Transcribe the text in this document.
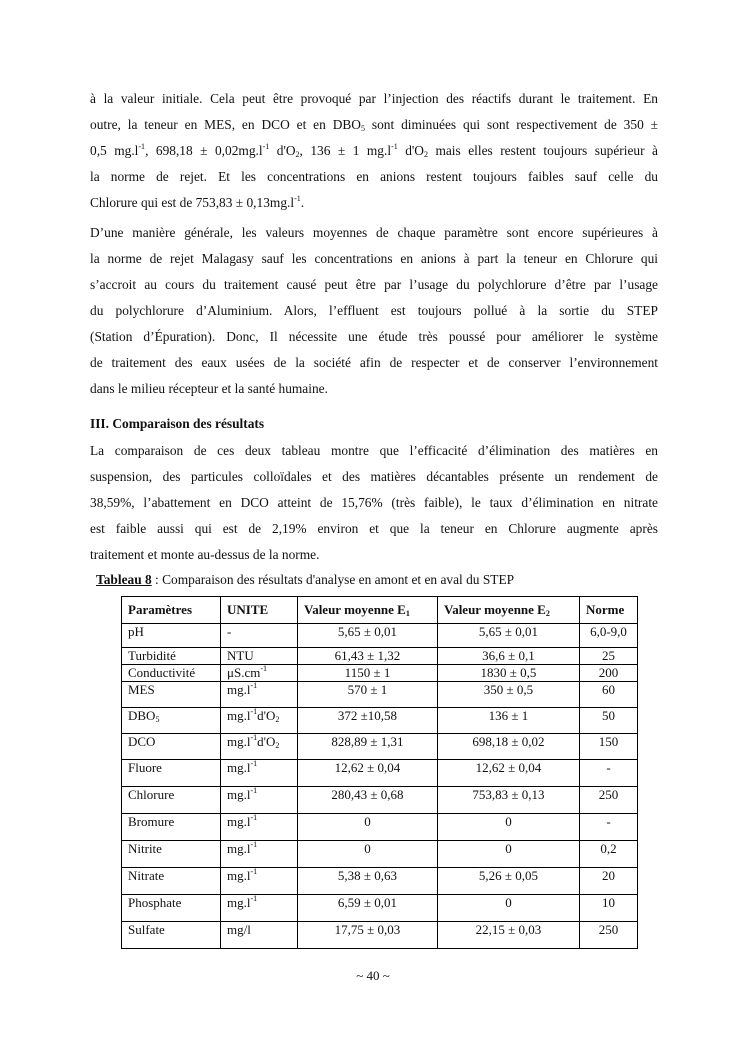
à la valeur initiale. Cela peut être provoqué par l’injection des réactifs durant le traitement. En
outre, la teneur en MES, en DCO et en $DBO_5$ sont diminuées qui sont respectivement de 350 ±
0,5 $mg.l^{-1}$, $698,18 \pm 0,02mg.l^{-1}$ $d'O_2$, 136 ± 1 $mg.l^{-1}$ $d'O_2$ mais elles restent toujours supérieur à
la norme de rejet. Et les concentrations en anions restent toujours faibles sauf celle du
Chlorure qui est de $753,83 \pm 0,13mg.l^{-1}$.
D’une manière générale, les valeurs moyennes de chaque paramètre sont encore supérieures à
la norme de rejet Malagasy sauf les concentrations en anions à part la teneur en Chlorure qui
s’accroit au cours du traitement causé peut être par l’usage du polychlorure d’être par l’usage
du polychlorure d’Aluminium. Alors, l’effluent est toujours pollué à la sortie du STEP
(Station d’Épuration). Donc, Il nécessite une étude très poussé pour améliorer le système
de traitement des eaux usées de la société afin de respecter et de conserver l’environnement
dans le milieu récepteur et la santé humaine.
III. Comparaison des résultats
La comparaison de ces deux tableau montre que l’efficacité d’élimination des matières en
suspension, des particules colloïdales et des matières décantables présente un rendement de
38,59%, l’abattement en DCO atteint de 15,76% (très faible), le taux d’élimination en nitrate
est faible aussi qui est de 2,19% environ et que la teneur en Chlorure augmente après
traitement et monte au-dessus de la norme.
Tableau 8 : Comparaison des résultats d'analyse en amont et en aval du STEP
Paramètres	UNITE	Valeur moyenne $E_1$	Valeur moyenne $E_2$	Norme
pH	-	5,65 ± 0,01	5,65 ± 0,01	6,0-9,0
Turbidité	NTU	61,43 ± 1,32	36,6 ± 0,1	25
Conductivité	$\mu S.cm^{-1}$	1150 ± 1	1830 ± 0,5	200
MES	$mg.l^{-1}$	570 ± 1	350 ± 0,5	60
$DBO_5$	$mg.l^{-1}d'O_2$	372 ±10,58	136 ± 1	50
DCO	$mg.l^{-1}d'O_2$	828,89 ± 1,31	698,18 ± 0,02	150
Fluore	$mg.l^{-1}$	12,62 ± 0,04	12,62 ± 0,04	-
Chlorure	$mg.l^{-1}$	280,43 ± 0,68	753,83 ± 0,13	250
Bromure	$mg.l^{-1}$	0	0	-
Nitrite	$mg.l^{-1}$	0	0	0,2
Nitrate	$mg.l^{-1}$	5,38 ± 0,63	5,26 ± 0,05	20
Phosphate	$mg.l^{-1}$	6,59 ± 0,01	0	10
Sulfate	mg/l	17,75 ± 0,03	22,15 ± 0,03	250
~ 40 ~
